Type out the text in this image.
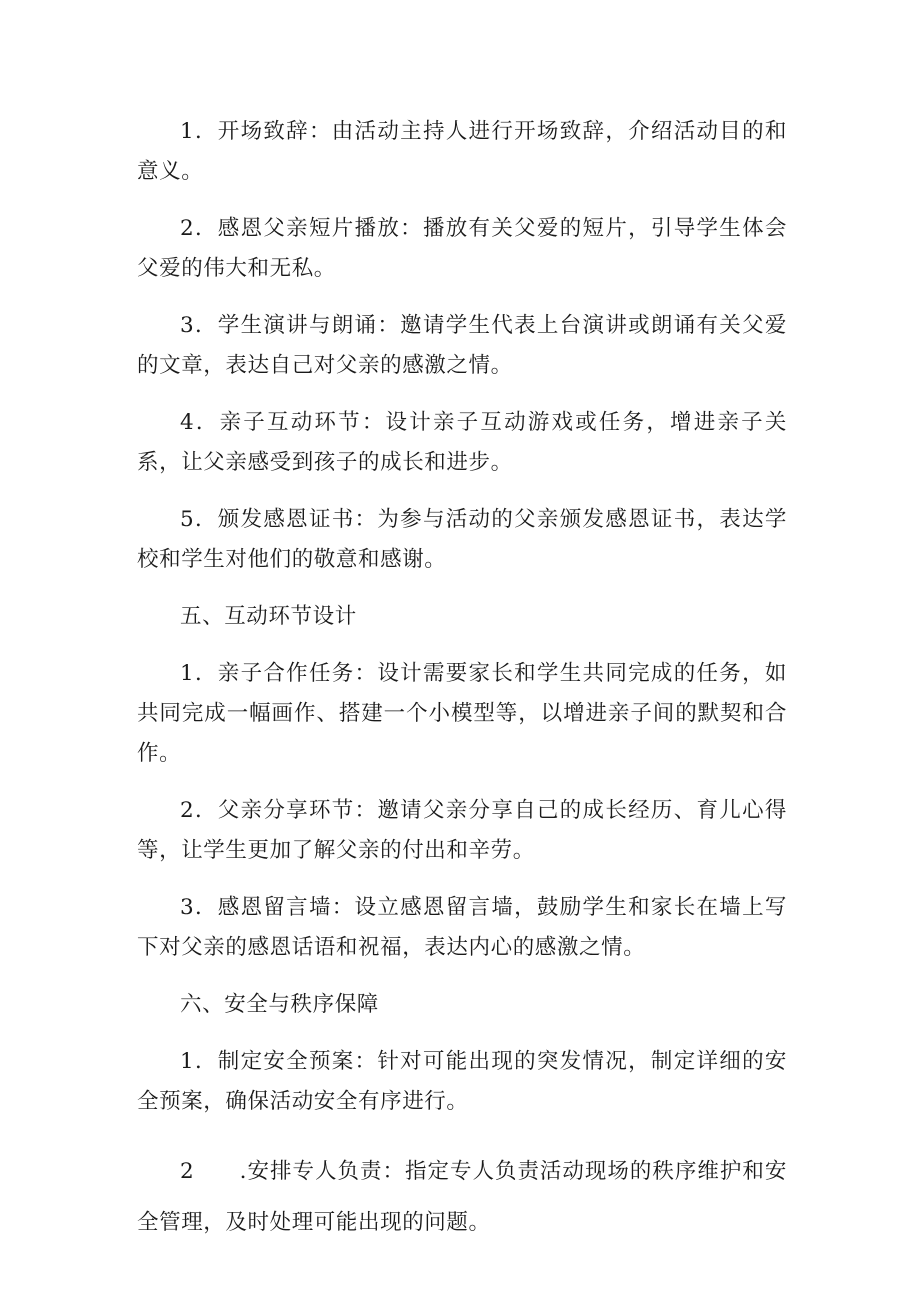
1．开场致辞：由活动主持人进行开场致辞，介绍活动目的和意义。

2．感恩父亲短片播放：播放有关父爱的短片，引导学生体会父爱的伟大和无私。

3．学生演讲与朗诵：邀请学生代表上台演讲或朗诵有关父爱的文章，表达自己对父亲的感激之情。

4．亲子互动环节：设计亲子互动游戏或任务，增进亲子关系，让父亲感受到孩子的成长和进步。

5．颁发感恩证书：为参与活动的父亲颁发感恩证书，表达学校和学生对他们的敬意和感谢。

五、互动环节设计

1．亲子合作任务：设计需要家长和学生共同完成的任务，如共同完成一幅画作、搭建一个小模型等，以增进亲子间的默契和合作。

2．父亲分享环节：邀请父亲分享自己的成长经历、育儿心得等，让学生更加了解父亲的付出和辛劳。

3．感恩留言墙：设立感恩留言墙，鼓励学生和家长在墙上写下对父亲的感恩话语和祝福，表达内心的感激之情。

六、安全与秩序保障

1．制定安全预案：针对可能出现的突发情况，制定详细的安全预案，确保活动安全有序进行。

2　　.安排专人负责：指定专人负责活动现场的秩序维护和安全管理，及时处理可能出现的问题。
